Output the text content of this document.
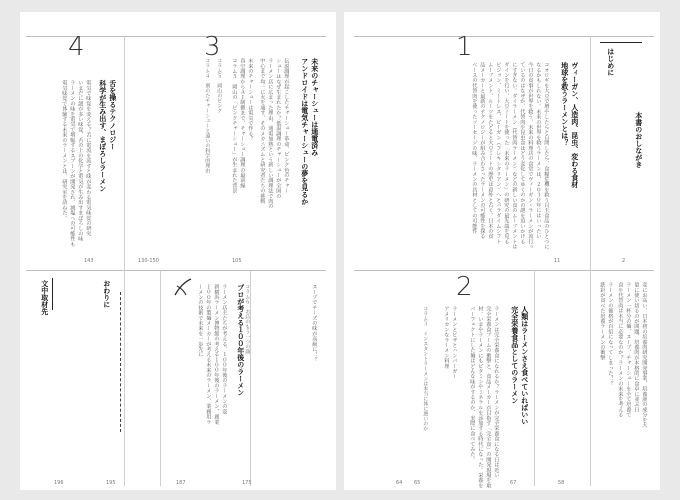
4
舌を操るテクノロジー
科学が生み出す、まぼろしラーメン
電気で味覚を変える？舌に電流を流すと味が変わる電気味覚の研究
いまだに謎が多い味覚、舌の上の化学と電気が生み出すまぼろしの味
ラーメンの味を電気で増幅するスプーンが開発され、減塩への可能性も
電気味覚で体験する未来のラーメンとは、研究室を訪ねた。
143
3
未来のチャーシューは通電済み
アンドロイドは電気チャーシューの夢を見るか
伝説調理が起こしたチャーシュー革命、ピンク色のチャー
シューはなぜ生まれたか？低温調理のチャーシューが全国の
ラーメン店に広まった理由、通電加熱という新しい調理法で肉の
中心まで均一に火を通す、そのメカニズムと研究者たちの挑戦
未来のチャーシューは電気で作る？
真空調理からＡＩ制御まで、チャーシュー調理の最前線
コラム５　岡山の「ピンクチャーシュー」が生まれた背景
コラム５　岡山のピンク
コラム４　剤のたチャーシューと遠いの科学的理由
130-150	105
文中取材先
196
おわりに
195
プロが考える１００年後のラーメン
ラーメン店主たちが考える、１００年後のラーメンの姿
新横浜ラーメン博物館の考える１００年後のラーメン、創業
１００年の製麺メーカーが考える未来のラーメン、業務用ラ
ーメンの技術で未来を一歩先に	コラム６　お店のもう一つの顔	スープでチーズの味が高級に！？
187	175
1
ヴィーガン、人造肉、昆虫、変わる食材
地球を救うラーメンとは？
コオロギを大豆で増やしたらと自問したら、食糧危機を救う目玉食品のひとつに
なるかもしれない。未来の世界を救うラーメンは、２０３０年にはいったい
今日の食事が世界を救う、未来の料理店の食堂でヴィーガン・ラーメンが流行っ
ているのはなぜか、代替肉や昆虫食はどう変化してゆくのかの謎を追いかける
にすぎない。ダイラーメン（代替肉ラーメン）などの新しい食のムーブメントは
ダインを行い、大豆ミートを使った「未来のラーメン」の研究の最先端を見る
ピジョン、ミートレス、ビーガン（フレキシタリアン）へとパラダイムシフト
ムーブメント、ルーツをたどると大豆ミートの歴史は意外と古く、日本の食
品メーカーと最新のテクノロジーが組み合わさったラーメンの可能性を探る
ベースの代替肉を使ったソーセージの味、ラーメンの具材としての可能性
11
はじめに
本書のおしながき
2
2
人類はラーメンさえ食べていればいい
完全栄養食品としてのラーメン
ラーメンは完全栄養食になれるか？ラーメンが完全栄養食になる日は近い
完全栄養食ブームの衝撃と、食品メーカーが目指す「完全食」の開発現場を取
材。いまやラーメンにもビタミンやミネラルを添加する時代になった。栄養を
パーフェクトにした麺はどんな味がするのか、実際に食べてみた。
ラーメンとピザとハンバーガー
アメリカンなラーメン料理
コラム３　インスタントラーメンは本当に体に悪いのか
64 65	67
変にお高い、日本初の培養肉研究開発事業、培養液の成分を大
量に使い切るのが問題、培養肉が本格的に食卓に並ぶ日
ラーメン一杯分の麺、スープ、チャーシューを全て培養で
食や代替肉は本当に必要なのか？ラーメンの未来を考える
ラーメンの価格が百倍になってしまった！？
鉄彩が食べた培養ラーメンの衝撃
58
